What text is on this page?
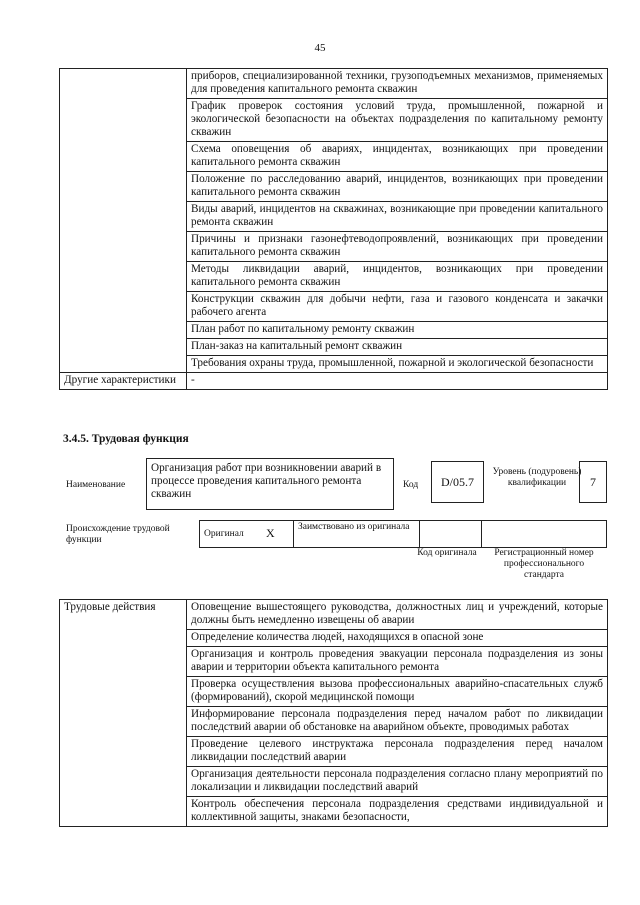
45
	приборов, специализированной техники, грузоподъемных механизмов, применяемых для проведения капитального ремонта скважин
	График проверок состояния условий труда, промышленной, пожарной и экологической безопасности на объектах подразделения по капитальному ремонту скважин
	Схема оповещения об авариях, инцидентах, возникающих при проведении капитального ремонта скважин
	Положение по расследованию аварий, инцидентов, возникающих при проведении капитального ремонта скважин
	Виды аварий, инцидентов на скважинах, возникающие при проведении капитального ремонта скважин
	Причины и признаки газонефтеводопроявлений, возникающих при проведении капитального ремонта скважин
	Методы ликвидации аварий, инцидентов, возникающих при проведении капитального ремонта скважин
	Конструкции скважин для добычи нефти, газа и газового конденсата и закачки рабочего агента
	План работ по капитальному ремонту скважин
	План-заказ на капитальный ремонт скважин
	Требования охраны труда, промышленной, пожарной и экологической безопасности
Другие характеристики	-
3.4.5. Трудовая функция
Наименование
Организация работ при возникновении аварий в процессе проведения капитального ремонта скважин
Код	D/05.7
Уровень (подуровень) квалификации	7
Происхождение трудовой функции
Оригинал X Заимствовано из оригинала
Код оригинала	Регистрационный номер профессионального стандарта
Трудовые действия	Оповещение вышестоящего руководства, должностных лиц и учреждений, которые должны быть немедленно извещены об аварии
Определение количества людей, находящихся в опасной зоне
Организация и контроль проведения эвакуации персонала подразделения из зоны аварии и территории объекта капитального ремонта
Проверка осуществления вызова профессиональных аварийно-спасательных служб (формирований), скорой медицинской помощи
Информирование персонала подразделения перед началом работ по ликвидации последствий аварии об обстановке на аварийном объекте, проводимых работах
Проведение целевого инструктажа персонала подразделения перед началом ликвидации последствий аварии
Организация деятельности персонала подразделения согласно плану мероприятий по локализации и ликвидации последствий аварий
Контроль обеспечения персонала подразделения средствами индивидуальной и коллективной защиты, знаками безопасности,
